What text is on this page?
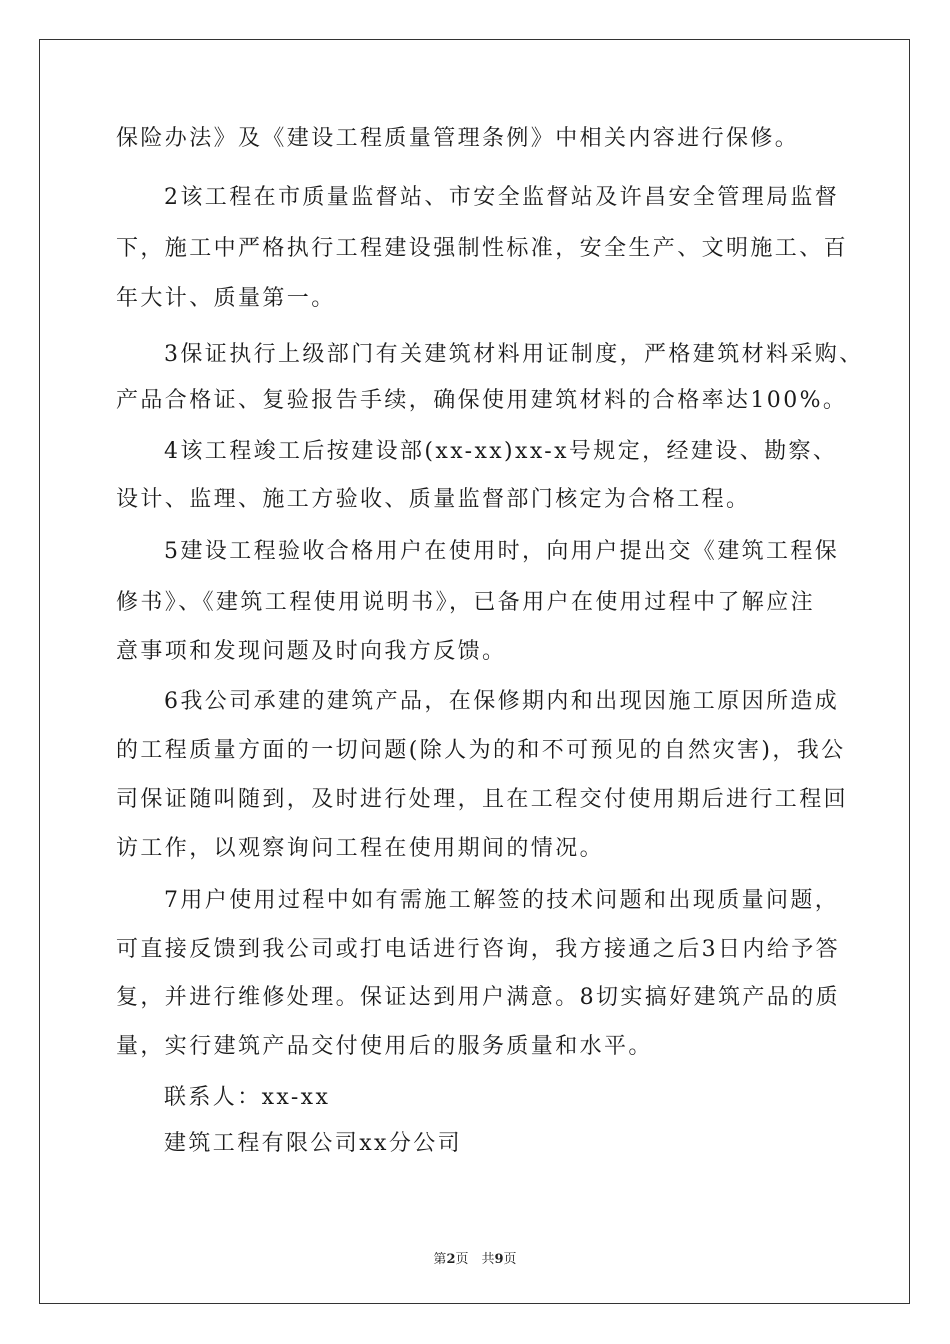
保险办法》及《建设工程质量管理条例》中相关内容进行保修。
2该工程在市质量监督站、市安全监督站及许昌安全管理局监督
下，施工中严格执行工程建设强制性标准，安全生产、文明施工、百
年大计、质量第一。
3保证执行上级部门有关建筑材料用证制度，严格建筑材料采购、
产品合格证、复验报告手续，确保使用建筑材料的合格率达100%。
4该工程竣工后按建设部(xx-xx)xx-x号规定，经建设、勘察、
设计、监理、施工方验收、质量监督部门核定为合格工程。
5建设工程验收合格用户在使用时，向用户提出交《建筑工程保
修书》、《建筑工程使用说明书》，已备用户在使用过程中了解应注
意事项和发现问题及时向我方反馈。
6我公司承建的建筑产品，在保修期内和出现因施工原因所造成
的工程质量方面的一切问题(除人为的和不可预见的自然灾害)，我公
司保证随叫随到，及时进行处理，且在工程交付使用期后进行工程回
访工作，以观察询问工程在使用期间的情况。
7用户使用过程中如有需施工解签的技术问题和出现质量问题，
可直接反馈到我公司或打电话进行咨询，我方接通之后3日内给予答
复，并进行维修处理。保证达到用户满意。8切实搞好建筑产品的质
量，实行建筑产品交付使用后的服务质量和水平。
联系人：xx-xx
建筑工程有限公司xx分公司
第2页　共9页
